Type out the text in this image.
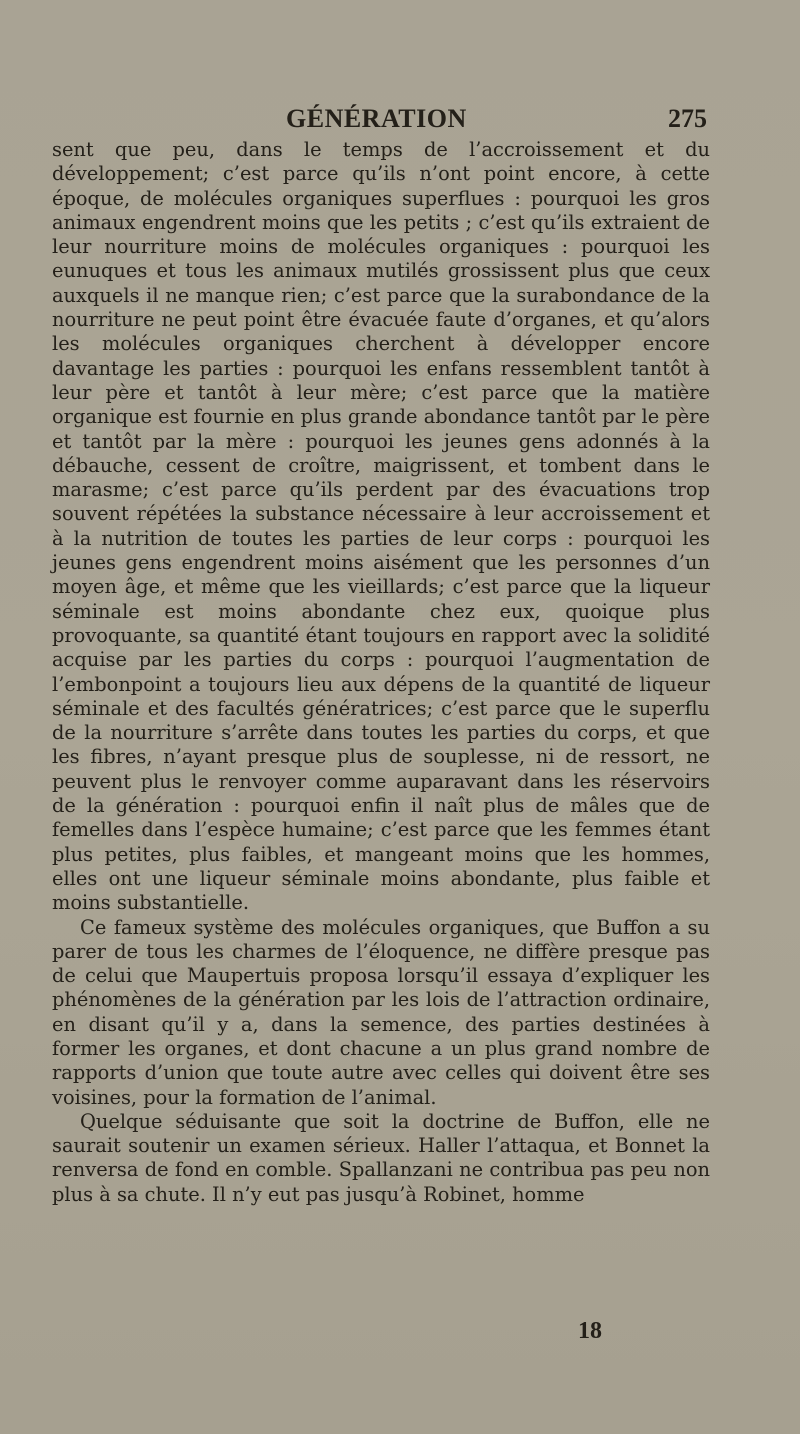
GÉNÉRATION	275

sent que peu, dans le temps de l’accroissement et du développement; c’est parce qu’ils n’ont point encore, à cette époque, de molécules organiques superflues : pourquoi les gros animaux engendrent moins que les petits ; c’est qu’ils extraient de leur nourriture moins de molécules organiques : pourquoi les eunuques et tous les animaux mutilés grossissent plus que ceux auxquels il ne manque rien; c’est parce que la surabondance de la nourriture ne peut point être évacuée faute d’organes, et qu’alors les molécules organiques cherchent à développer encore davantage les parties : pourquoi les enfans ressemblent tantôt à leur père et tantôt à leur mère; c’est parce que la matière organique est fournie en plus grande abondance tantôt par le père et tantôt par la mère : pourquoi les jeunes gens adonnés à la débauche, cessent de croître, maigrissent, et tombent dans le marasme; c’est parce qu’ils perdent par des évacuations trop souvent répétées la substance nécessaire à leur accroissement et à la nutrition de toutes les parties de leur corps : pourquoi les jeunes gens engendrent moins aisément que les personnes d’un moyen âge, et même que les vieillards; c’est parce que la liqueur séminale est moins abondante chez eux, quoique plus provoquante, sa quantité étant toujours en rapport avec la solidité acquise par les parties du corps : pourquoi l’augmentation de l’embonpoint a toujours lieu aux dépens de la quantité de liqueur séminale et des facultés génératrices; c’est parce que le superflu de la nourriture s’arrête dans toutes les parties du corps, et que les fibres, n’ayant presque plus de souplesse, ni de ressort, ne peuvent plus le renvoyer comme auparavant dans les réservoirs de la génération : pourquoi enfin il naît plus de mâles que de femelles dans l’espèce humaine; c’est parce que les femmes étant plus petites, plus faibles, et mangeant moins que les hommes, elles ont une liqueur séminale moins abondante, plus faible et moins substantielle.

Ce fameux système des molécules organiques, que Buffon a su parer de tous les charmes de l’éloquence, ne diffère presque pas de celui que Maupertuis proposa lorsqu’il essaya d’expliquer les phénomènes de la génération par les lois de l’attraction ordinaire, en disant qu’il y a, dans la semence, des parties destinées à former les organes, et dont chacune a un plus grand nombre de rapports d’union que toute autre avec celles qui doivent être ses voisines, pour la formation de l’animal.

Quelque séduisante que soit la doctrine de Buffon, elle ne saurait soutenir un examen sérieux. Haller l’attaqua, et Bonnet la renversa de fond en comble. Spallanzani ne contribua pas peu non plus à sa chute. Il n’y eut pas jusqu’à Robinet, homme

18
